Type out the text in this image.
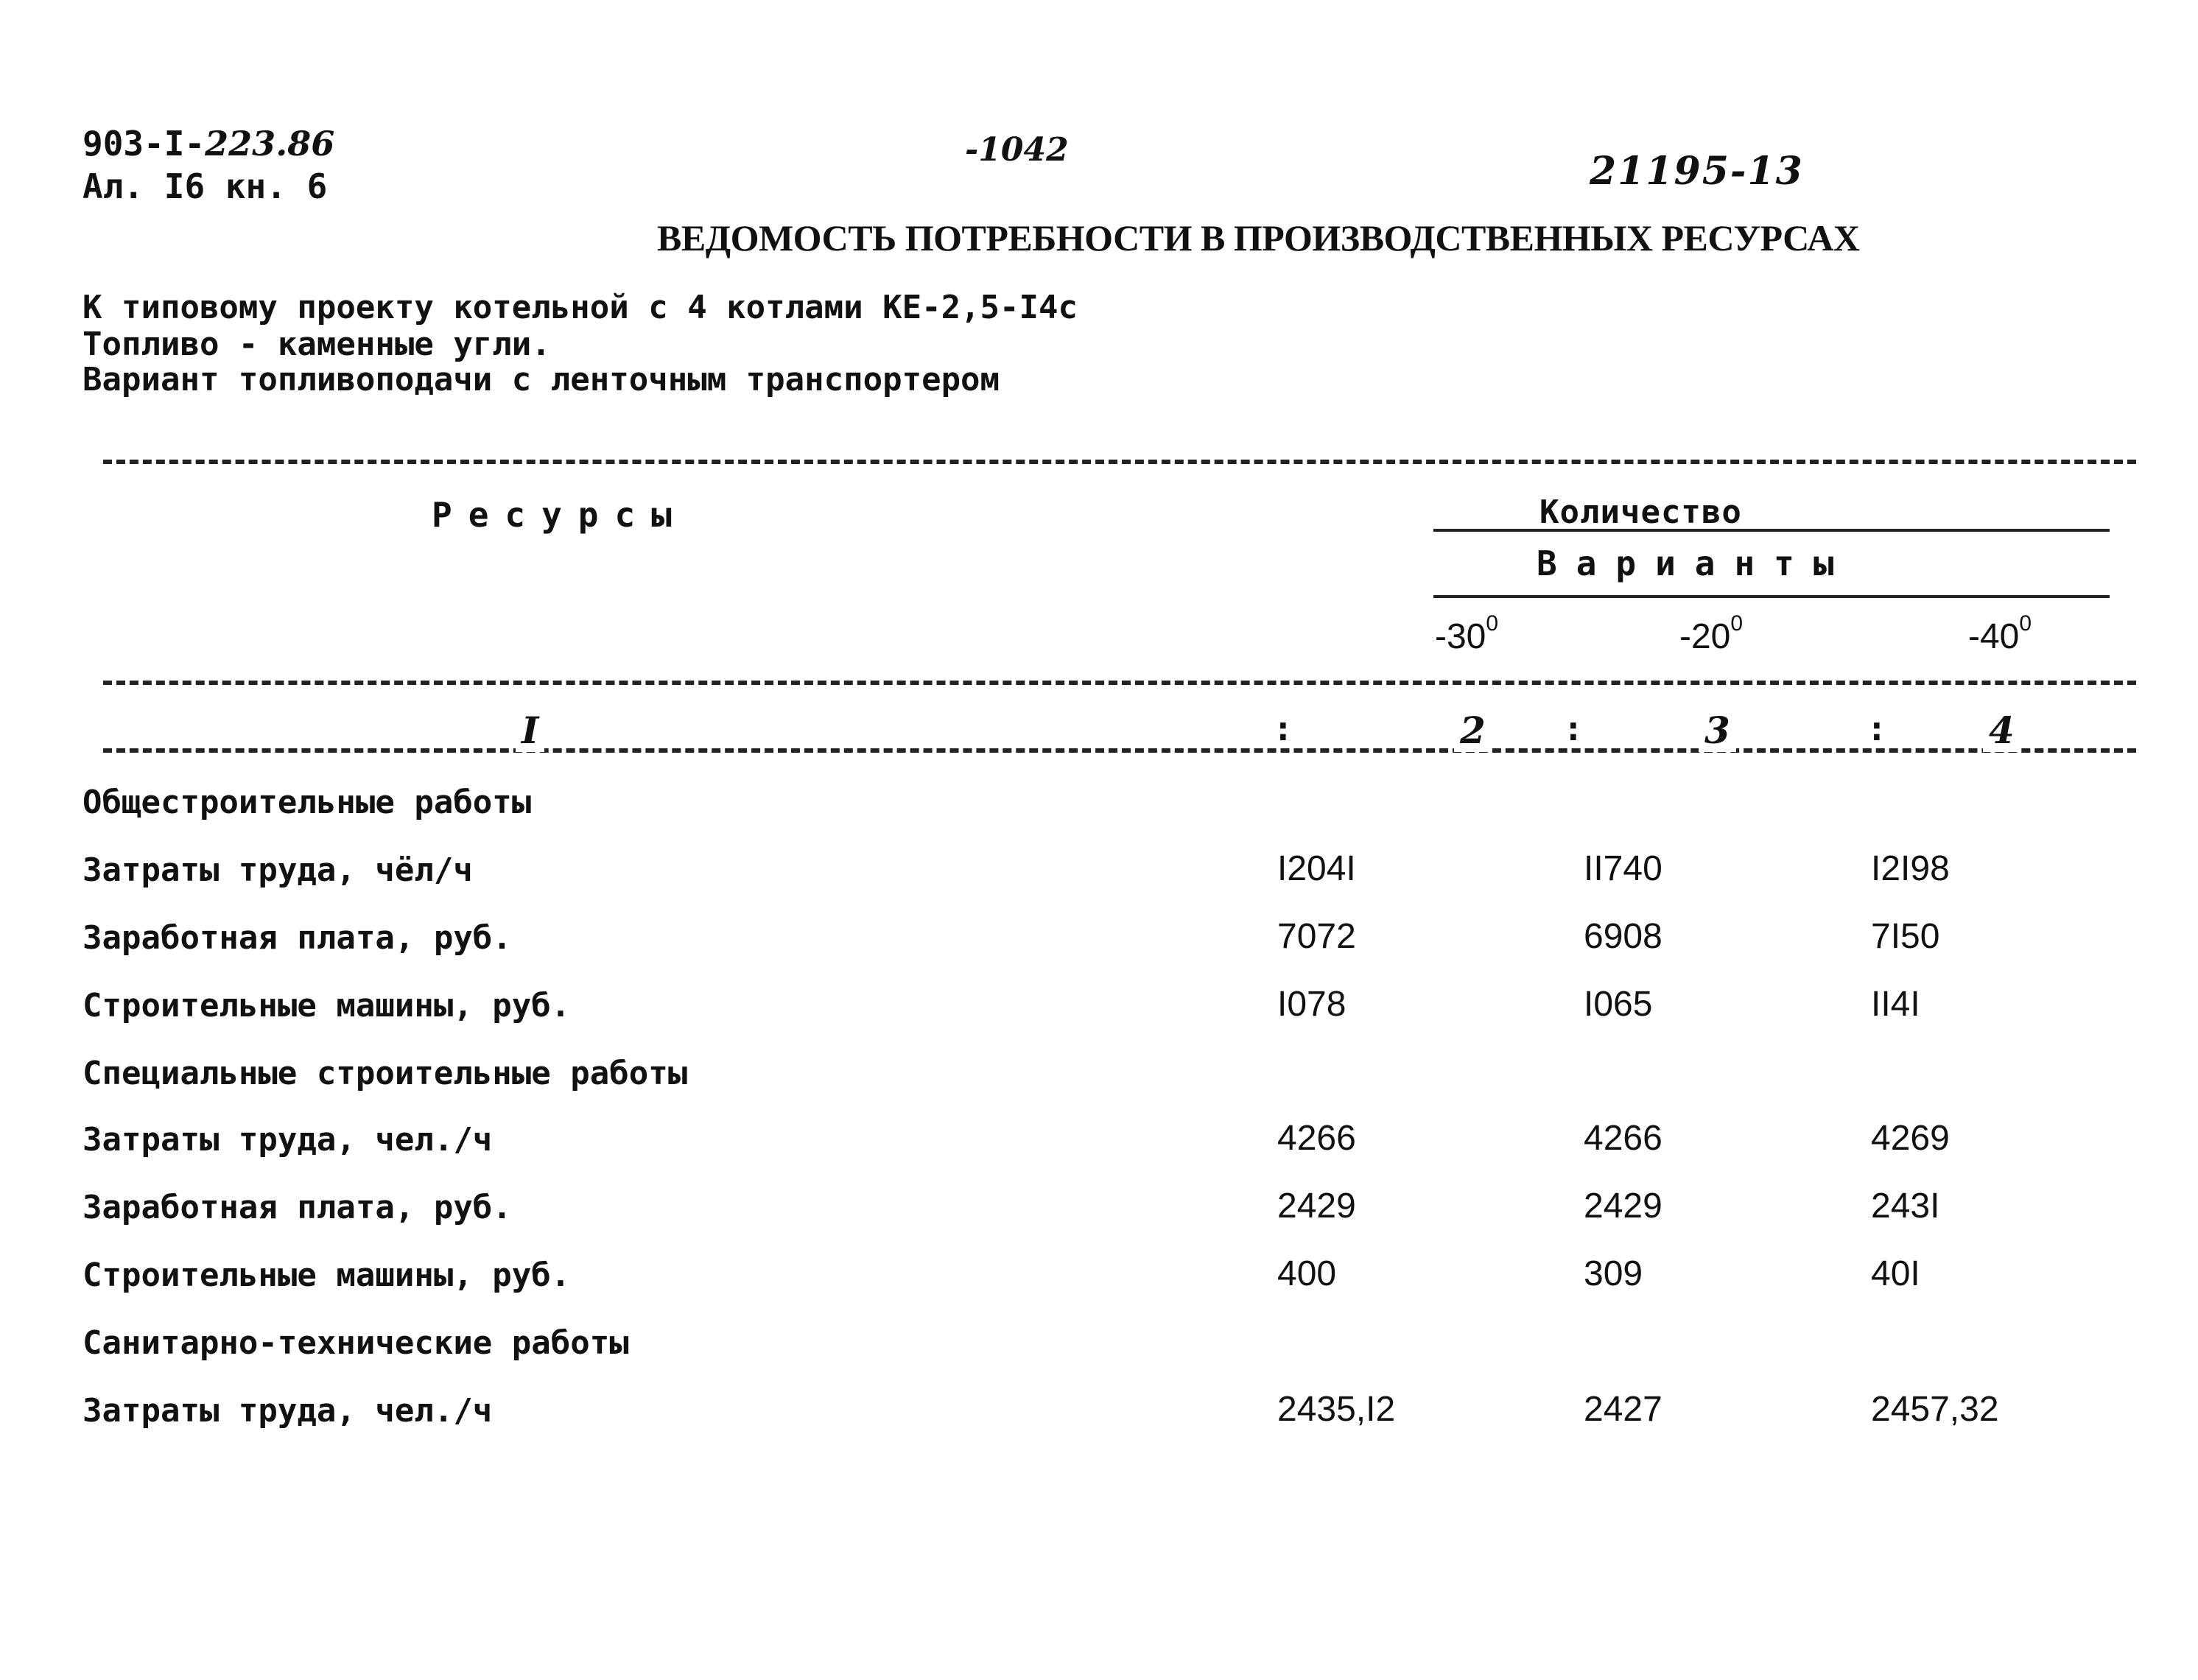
903-I-223.86
Ал. I6 кн. 6
-1042	21195-13
ВЕДОМОСТЬ ПОТРЕБНОСТИ В ПРОИЗВОДСТВЕННЫХ РЕСУРСАХ
К типовому проекту котельной с 4 котлами КЕ-2,5-I4с
Топливо - каменные угли.
Вариант топливоподачи с ленточным транспортером
Ресурсы	Количество
Варианты
$-30^0$	$-20^0$	$-40^0$
I	:	2 :	3	:	4
Общестроительные работы
Затраты труда, чёл/ч	I204I	II740	I2I98
Заработная плата, руб.	7072	6908	7I50
Строительные машины, руб.	I078	I065	II4I
Специальные строительные работы
Затраты труда, чел./ч	4266	4266	4269
Заработная плата, руб.	2429	2429	243I
Строительные машины, руб.	400	309	40I
Санитарно-технические работы
Затраты труда, чел./ч	2435,I2	2427	2457,32
